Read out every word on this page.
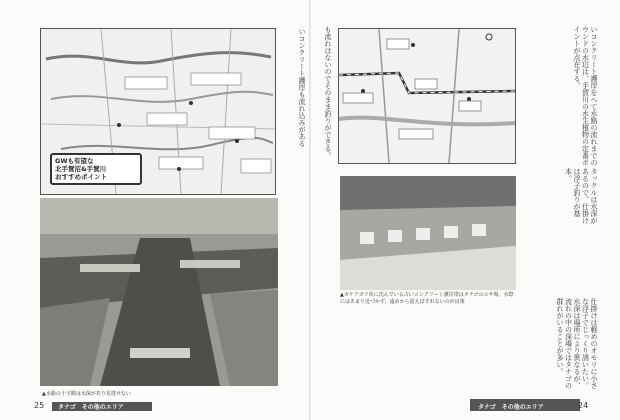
GWも有望な
北手賀沼&手賀川
おすすめポイント
▲水路の十字路は水深があり見逃せない
いコンクリート護岸も流れ込みがある
25 タナゴ　その他のエリア
も流れはないのでそのまま釣りができる。	いコンクリート護岸をへて水路の流れまでのウンドの水辺は、手賀川の水生植物の定番ポイントが点在する。
タックルは水深があるので、仕掛けは浮子釣りが基本。
▲カケアガリ状に沈んでいる古いコンクリート護岸帯はタナゴのエサ場。水際にはあまり近づかず、遠めから狙えばすれないのが良策	仕掛けは軽めのオモリに小さな浮子でじっくり誘いたい。水深は場所により異なるが、流れの中の深場ではタナゴの群れがいることが多い。
タナゴ　その他のエリア	24
